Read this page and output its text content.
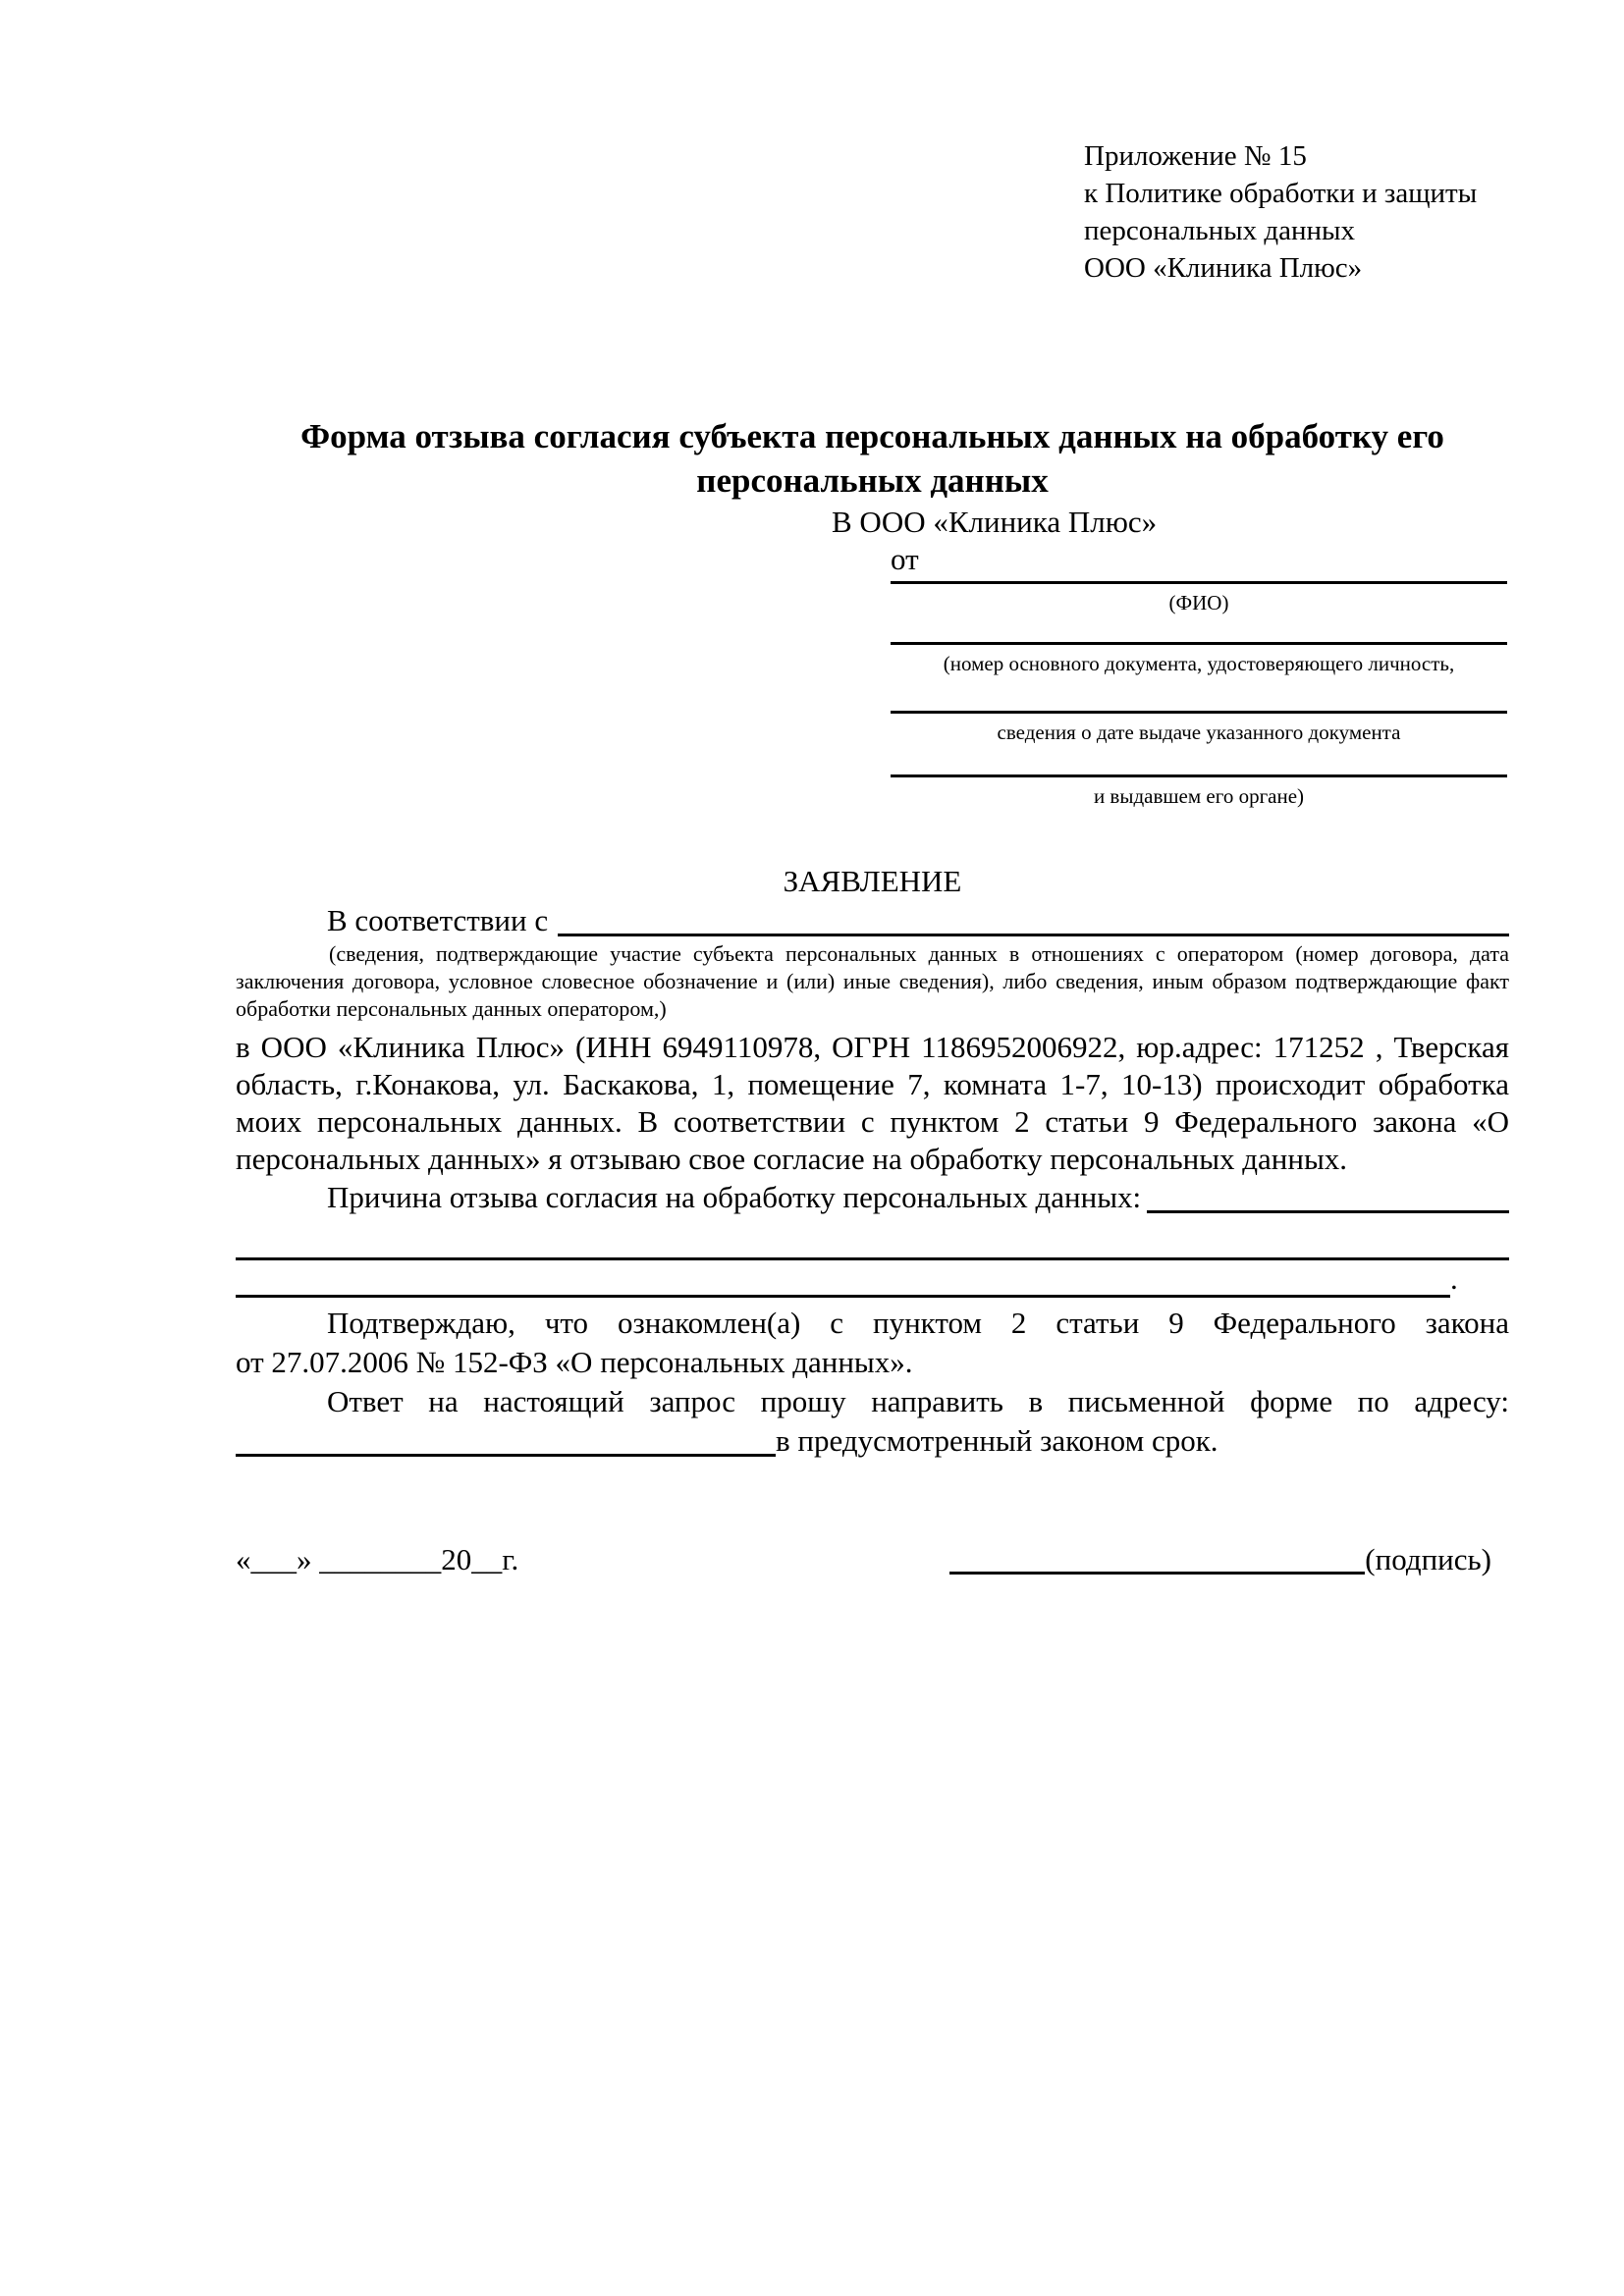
Приложение № 15
к Политике обработки и защиты
персональных данных
ООО «Клиника Плюс»
Форма отзыва согласия субъекта персональных данных на обработку его персональных данных
В ООО «Клиника Плюс»
от
(ФИО)
(номер основного документа, удостоверяющего личность,
сведения о дате выдаче указанного документа
и выдавшем его органе)
ЗАЯВЛЕНИЕ
В соответствии с
(сведения, подтверждающие участие субъекта персональных данных в отношениях с оператором (номер договора, дата заключения договора, условное словесное обозначение и (или) иные сведения), либо сведения, иным образом подтверждающие факт обработки персональных данных оператором,)
в ООО «Клиника Плюс» (ИНН 6949110978, ОГРН 1186952006922, юр.адрес: 171252 , Тверская область, г.Конакова, ул. Баскакова, 1, помещение 7, комната 1-7, 10-13) происходит обработка моих персональных данных. В соответствии с пунктом 2 статьи 9 Федерального закона «О персональных данных» я отзываю свое согласие на обработку персональных данных.
Причина отзыва согласия на обработку персональных данных:
.
Подтверждаю, что ознакомлен(а) с пунктом 2 статьи 9 Федерального закона
от 27.07.2006 № 152-ФЗ «О персональных данных».
Ответ на настоящий запрос прошу направить в письменной форме по адресу:
в предусмотренный законом срок.
«___» ________20__г.	(подпись)
